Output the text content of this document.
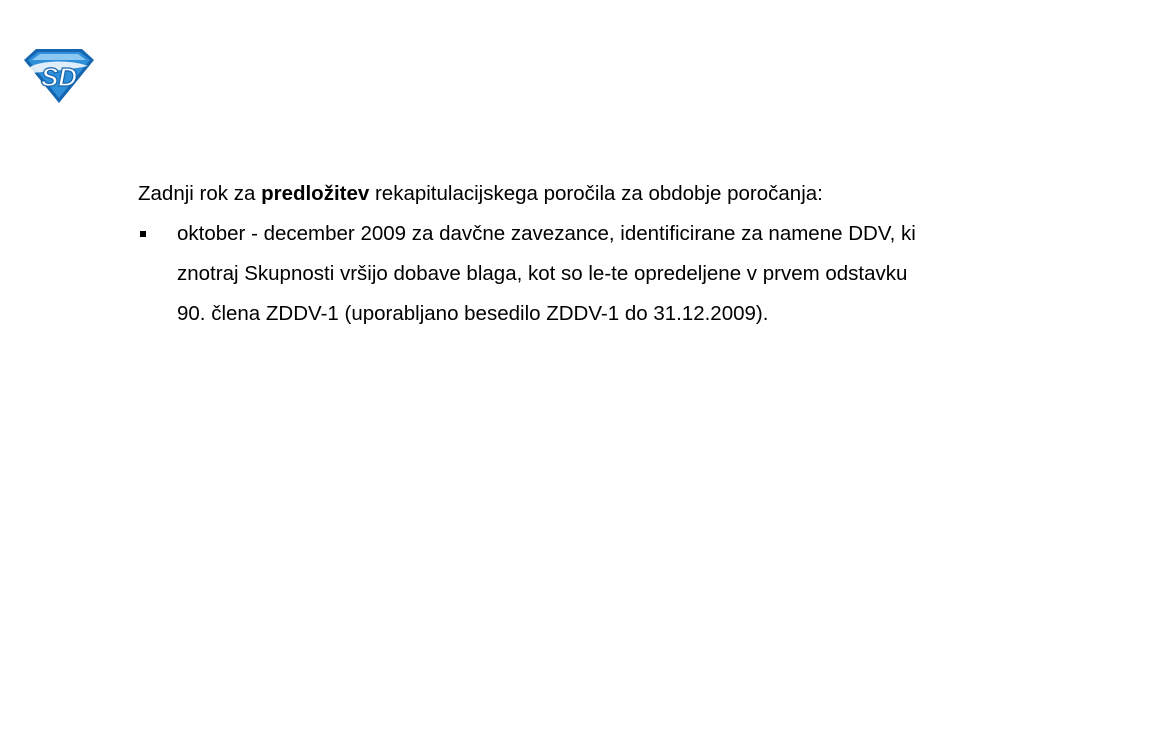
SD

Zadnji rok za predložitev rekapitulacijskega poročila za obdobje poročanja:

oktober - december 2009 za davčne zavezance, identificirane za namene DDV, ki
znotraj Skupnosti vršijo dobave blaga, kot so le-te opredeljene v prvem odstavku
90. člena ZDDV-1 (uporabljano besedilo ZDDV-1 do 31.12.2009).
